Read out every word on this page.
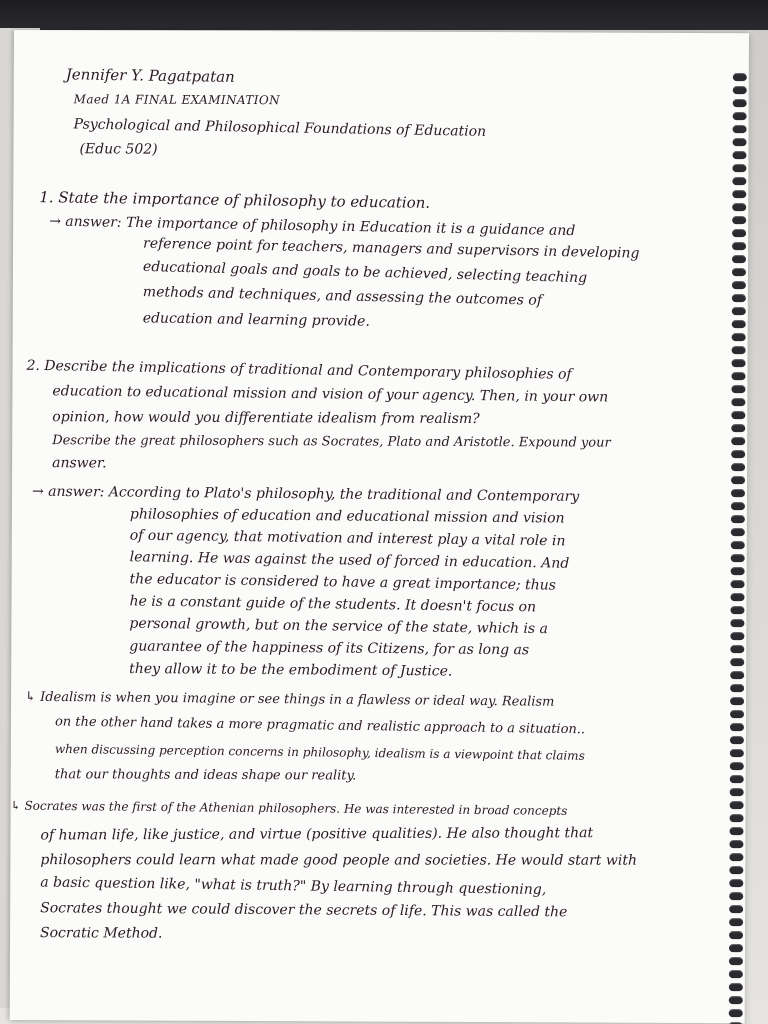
Jennifer Y. Pagatpatan
Maed 1A FINAL EXAMINATION
Psychological and Philosophical Foundations of Education
(Educ 502)
1. State the importance of philosophy to education.
→ answer: The importance of philosophy in Education it is a guidance and
reference point for teachers, managers and supervisors in developing
educational goals and goals to be achieved, selecting teaching
methods and techniques, and assessing the outcomes of
education and learning provide.
2. Describe the implications of traditional and Contemporary philosophies of
education to educational mission and vision of your agency. Then, in your own
opinion, how would you differentiate idealism from realism?
Describe the great philosophers such as Socrates, Plato and Aristotle. Expound your
answer.
→ answer: According to Plato's philosophy, the traditional and Contemporary
philosophies of education and educational mission and vision
of our agency, that motivation and interest play a vital role in
learning. He was against the used of forced in education. And
the educator is considered to have a great importance; thus
he is a constant guide of the students. It doesn't focus on
personal growth, but on the service of the state, which is a
guarantee of the happiness of its Citizens, for as long as
they allow it to be the embodiment of Justice.
↳ Idealism is when you imagine or see things in a flawless or ideal way. Realism
on the other hand takes a more pragmatic and realistic approach to a situation..
when discussing perception concerns in philosophy, idealism is a viewpoint that claims
that our thoughts and ideas shape our reality.
↳ Socrates was the first of the Athenian philosophers. He was interested in broad concepts
of human life, like justice, and virtue (positive qualities). He also thought that
philosophers could learn what made good people and societies. He would start with
a basic question like, "what is truth?" By learning through questioning,
Socrates thought we could discover the secrets of life. This was called the
Socratic Method.
